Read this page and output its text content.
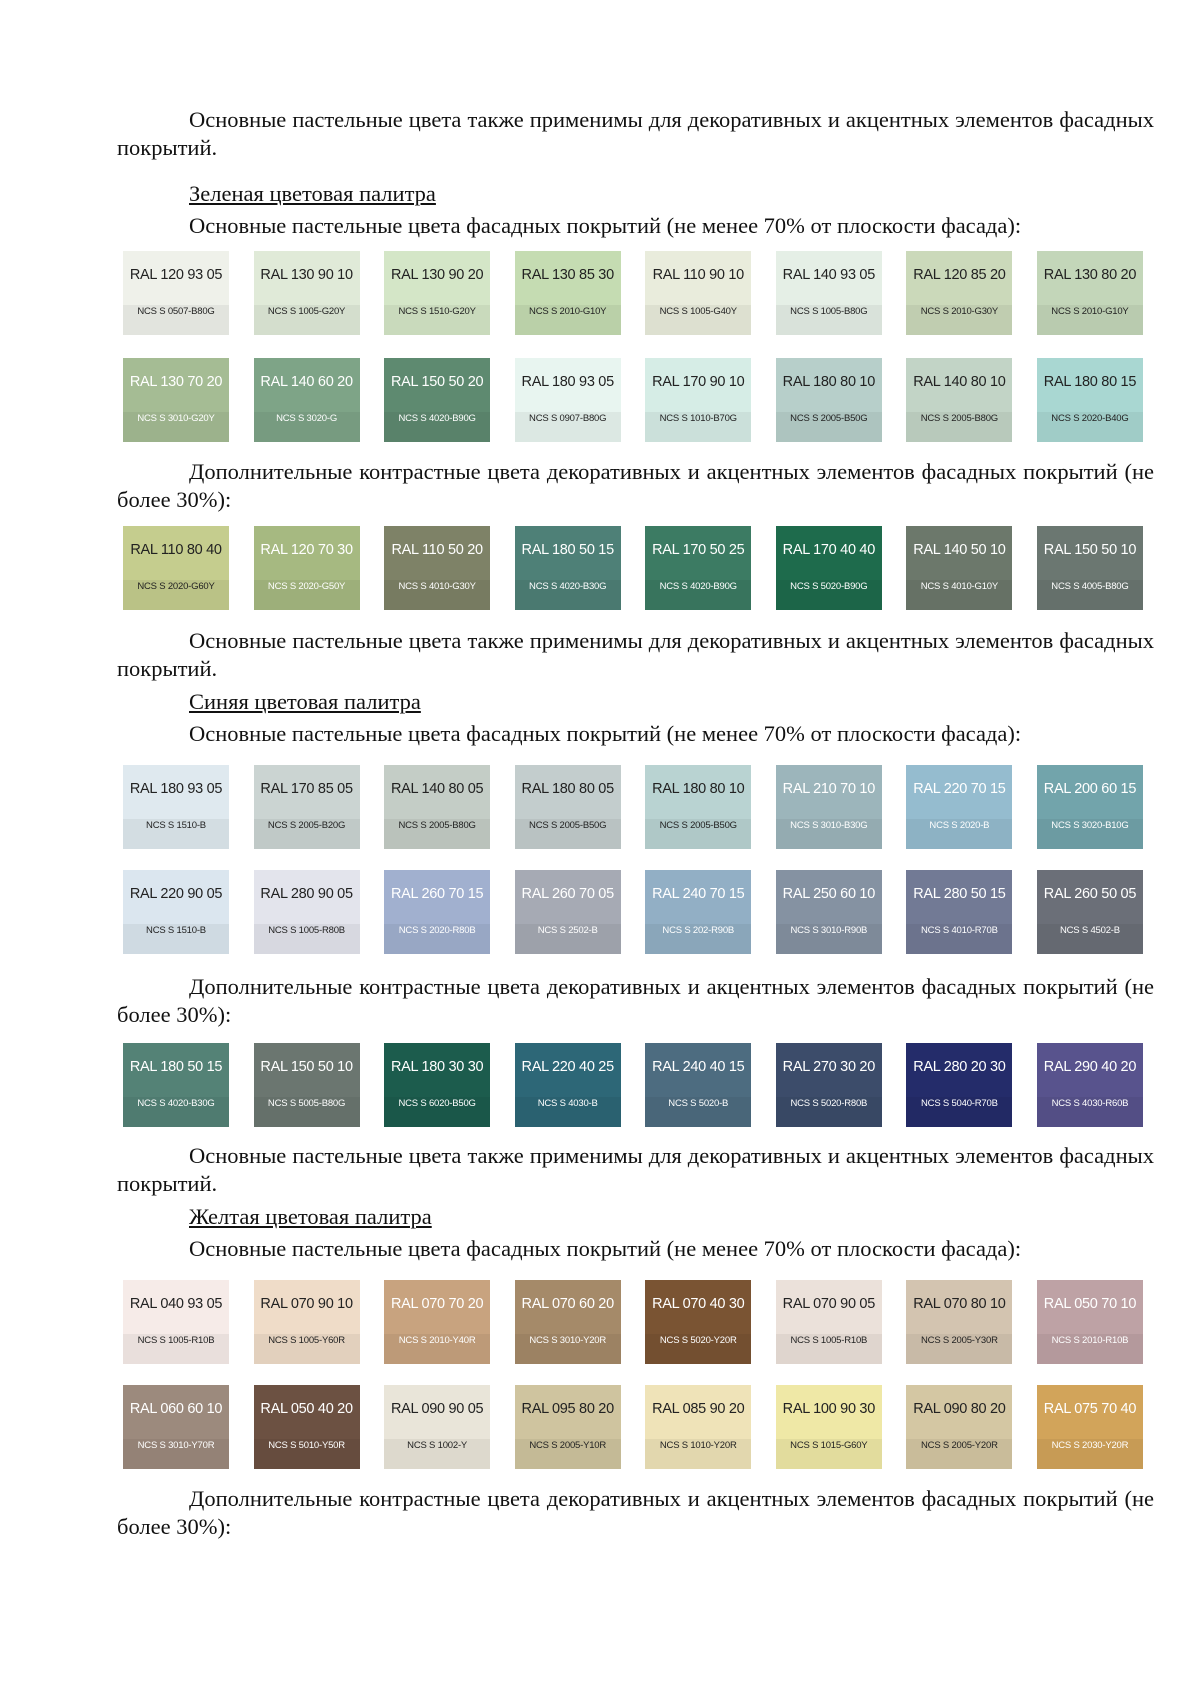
Основные пастельные цвета также применимы для декоративных и акцентных элементов фасадных покрытий.

Зеленая цветовая палитра

Основные пастельные цвета фасадных покрытий (не менее 70% от плоскости фасада):

RAL 120 93 05
NCS S 0507-B80G
RAL 130 90 10
NCS S 1005-G20Y
RAL 130 90 20
NCS S 1510-G20Y
RAL 130 85 30
NCS S 2010-G10Y
RAL 110 90 10
NCS S 1005-G40Y
RAL 140 93 05
NCS S 1005-B80G
RAL 120 85 20
NCS S 2010-G30Y
RAL 130 80 20
NCS S 2010-G10Y
RAL 130 70 20
NCS S 3010-G20Y
RAL 140 60 20
NCS S 3020-G
RAL 150 50 20
NCS S 4020-B90G
RAL 180 93 05
NCS S 0907-B80G
RAL 170 90 10
NCS S 1010-B70G
RAL 180 80 10
NCS S 2005-B50G
RAL 140 80 10
NCS S 2005-B80G
RAL 180 80 15
NCS S 2020-B40G

Дополнительные контрастные цвета декоративных и акцентных элементов фасадных покрытий (не более 30%):

RAL 110 80 40
NCS S 2020-G60Y
RAL 120 70 30
NCS S 2020-G50Y
RAL 110 50 20
NCS S 4010-G30Y
RAL 180 50 15
NCS S 4020-B30G
RAL 170 50 25
NCS S 4020-B90G
RAL 170 40 40
NCS S 5020-B90G
RAL 140 50 10
NCS S 4010-G10Y
RAL 150 50 10
NCS S 4005-B80G

Основные пастельные цвета также применимы для декоративных и акцентных элементов фасадных покрытий.

Синяя цветовая палитра

Основные пастельные цвета фасадных покрытий (не менее 70% от плоскости фасада):

RAL 180 93 05
NCS S 1510-B
RAL 170 85 05
NCS S 2005-B20G
RAL 140 80 05
NCS S 2005-B80G
RAL 180 80 05
NCS S 2005-B50G
RAL 180 80 10
NCS S 2005-B50G
RAL 210 70 10
NCS S 3010-B30G
RAL 220 70 15
NCS S 2020-B
RAL 200 60 15
NCS S 3020-B10G
RAL 220 90 05
NCS S 1510-B
RAL 280 90 05
NCS S 1005-R80B
RAL 260 70 15
NCS S 2020-R80B
RAL 260 70 05
NCS S 2502-B
RAL 240 70 15
NCS S 202-R90B
RAL 250 60 10
NCS S 3010-R90B
RAL 280 50 15
NCS S 4010-R70B
RAL 260 50 05
NCS S 4502-B

Дополнительные контрастные цвета декоративных и акцентных элементов фасадных покрытий (не более 30%):

RAL 180 50 15
NCS S 4020-B30G
RAL 150 50 10
NCS S 5005-B80G
RAL 180 30 30
NCS S 6020-B50G
RAL 220 40 25
NCS S 4030-B
RAL 240 40 15
NCS S 5020-B
RAL 270 30 20
NCS S 5020-R80B
RAL 280 20 30
NCS S 5040-R70B
RAL 290 40 20
NCS S 4030-R60B

Основные пастельные цвета также применимы для декоративных и акцентных элементов фасадных покрытий.

Желтая цветовая палитра

Основные пастельные цвета фасадных покрытий (не менее 70% от плоскости фасада):

RAL 040 93 05
NCS S 1005-R10B
RAL 070 90 10
NCS S 1005-Y60R
RAL 070 70 20
NCS S 2010-Y40R
RAL 070 60 20
NCS S 3010-Y20R
RAL 070 40 30
NCS S 5020-Y20R
RAL 070 90 05
NCS S 1005-R10B
RAL 070 80 10
NCS S 2005-Y30R
RAL 050 70 10
NCS S 2010-R10B
RAL 060 60 10
NCS S 3010-Y70R
RAL 050 40 20
NCS S 5010-Y50R
RAL 090 90 05
NCS S 1002-Y
RAL 095 80 20
NCS S 2005-Y10R
RAL 085 90 20
NCS S 1010-Y20R
RAL 100 90 30
NCS S 1015-G60Y
RAL 090 80 20
NCS S 2005-Y20R
RAL 075 70 40
NCS S 2030-Y20R

Дополнительные контрастные цвета декоративных и акцентных элементов фасадных покрытий (не более 30%):
